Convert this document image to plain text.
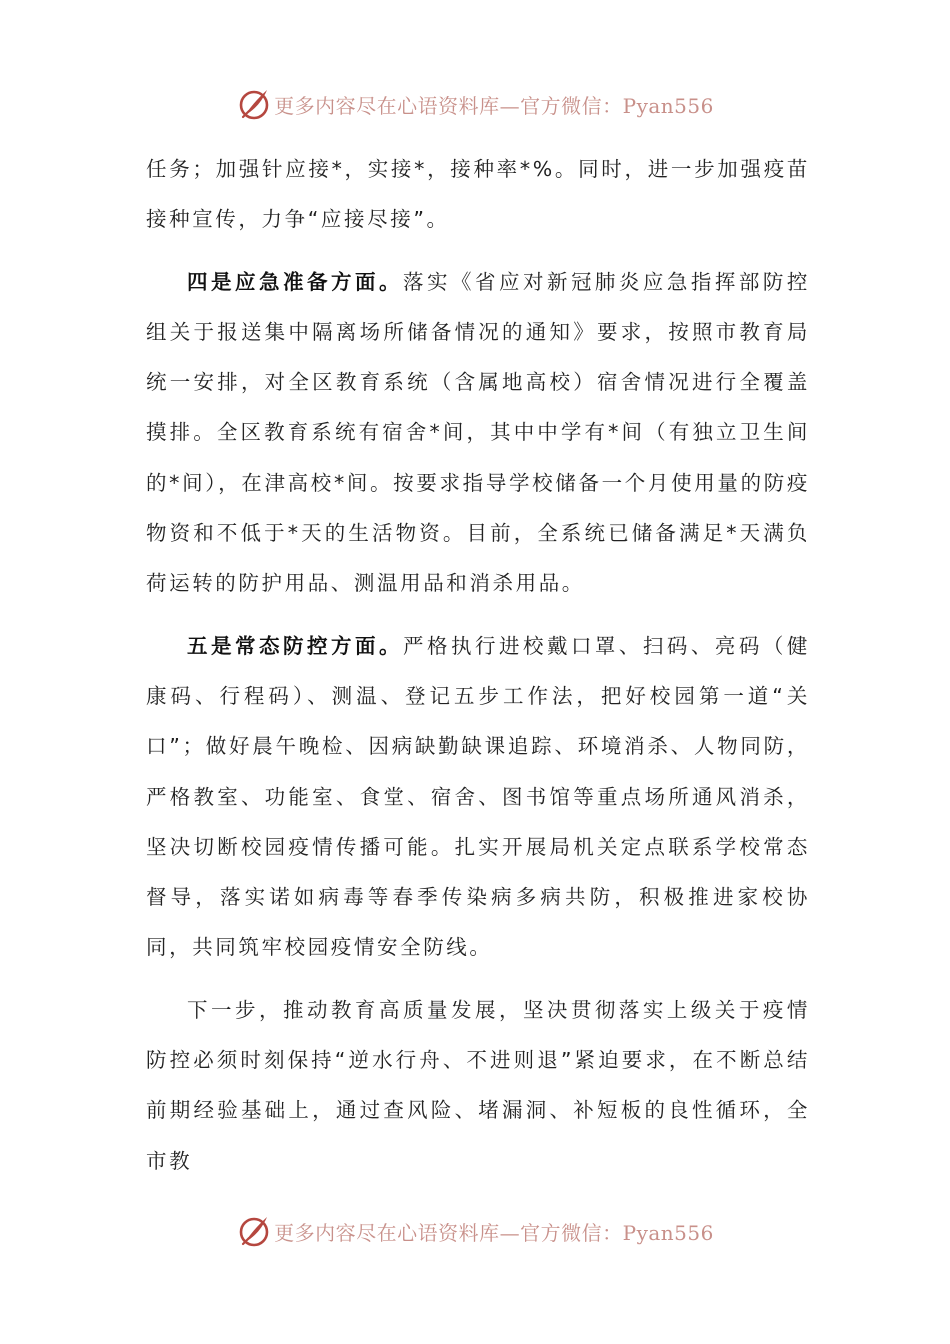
更多内容尽在心语资料库—官方微信：Pyan556

任务；加强针应接*，实接*，接种率*%。同时，进一步加强疫苗接种宣传，力争“应接尽接”。

四是应急准备方面。落实《省应对新冠肺炎应急指挥部防控组关于报送集中隔离场所储备情况的通知》要求，按照市教育局统一安排，对全区教育系统（含属地高校）宿舍情况进行全覆盖摸排。全区教育系统有宿舍*间，其中中学有*间（有独立卫生间的*间），在津高校*间。按要求指导学校储备一个月使用量的防疫物资和不低于*天的生活物资。目前，全系统已储备满足*天满负荷运转的防护用品、测温用品和消杀用品。

五是常态防控方面。严格执行进校戴口罩、扫码、亮码（健康码、行程码）、测温、登记五步工作法，把好校园第一道“关口”；做好晨午晚检、因病缺勤缺课追踪、环境消杀、人物同防，严格教室、功能室、食堂、宿舍、图书馆等重点场所通风消杀，坚决切断校园疫情传播可能。扎实开展局机关定点联系学校常态督导，落实诺如病毒等春季传染病多病共防，积极推进家校协同，共同筑牢校园疫情安全防线。

下一步，推动教育高质量发展，坚决贯彻落实上级关于疫情防控必须时刻保持“逆水行舟、不进则退”紧迫要求，在不断总结前期经验基础上，通过查风险、堵漏洞、补短板的良性循环，全市教

更多内容尽在心语资料库—官方微信：Pyan556
